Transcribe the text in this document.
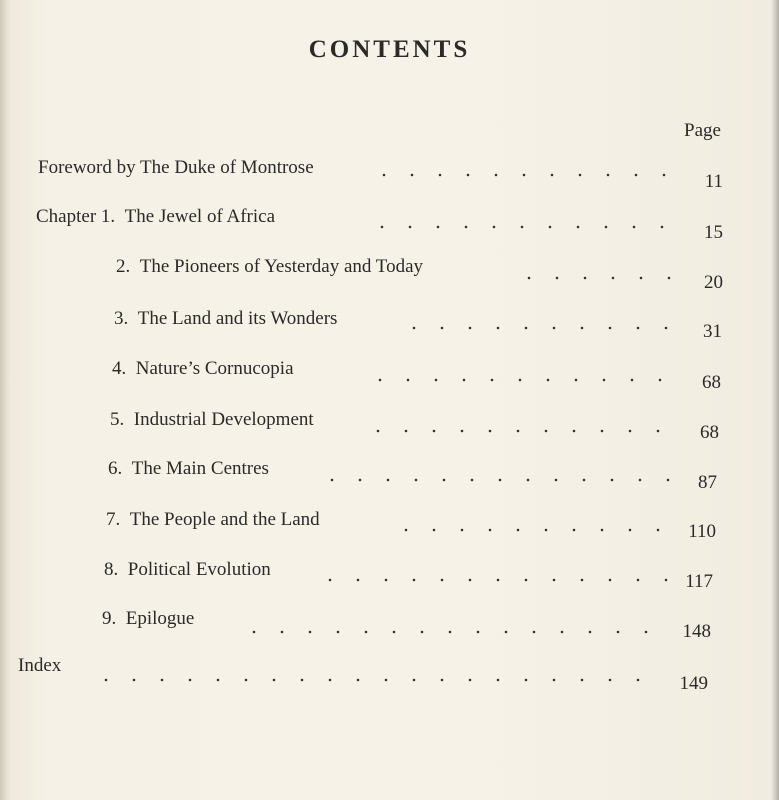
CONTENTS
Page
Foreword by The Duke of Montrose
11
Chapter
1.
The Jewel of Africa
15
2.
The Pioneers of Yesterday and Today
20
3.
The Land and its Wonders
31
4.
Nature’s Cornucopia
68
5.
Industrial Development
68
6.
The Main Centres
87
7.
The People and the Land
110
8.
Political Evolution
117
9.
Epilogue
148
Index
149
